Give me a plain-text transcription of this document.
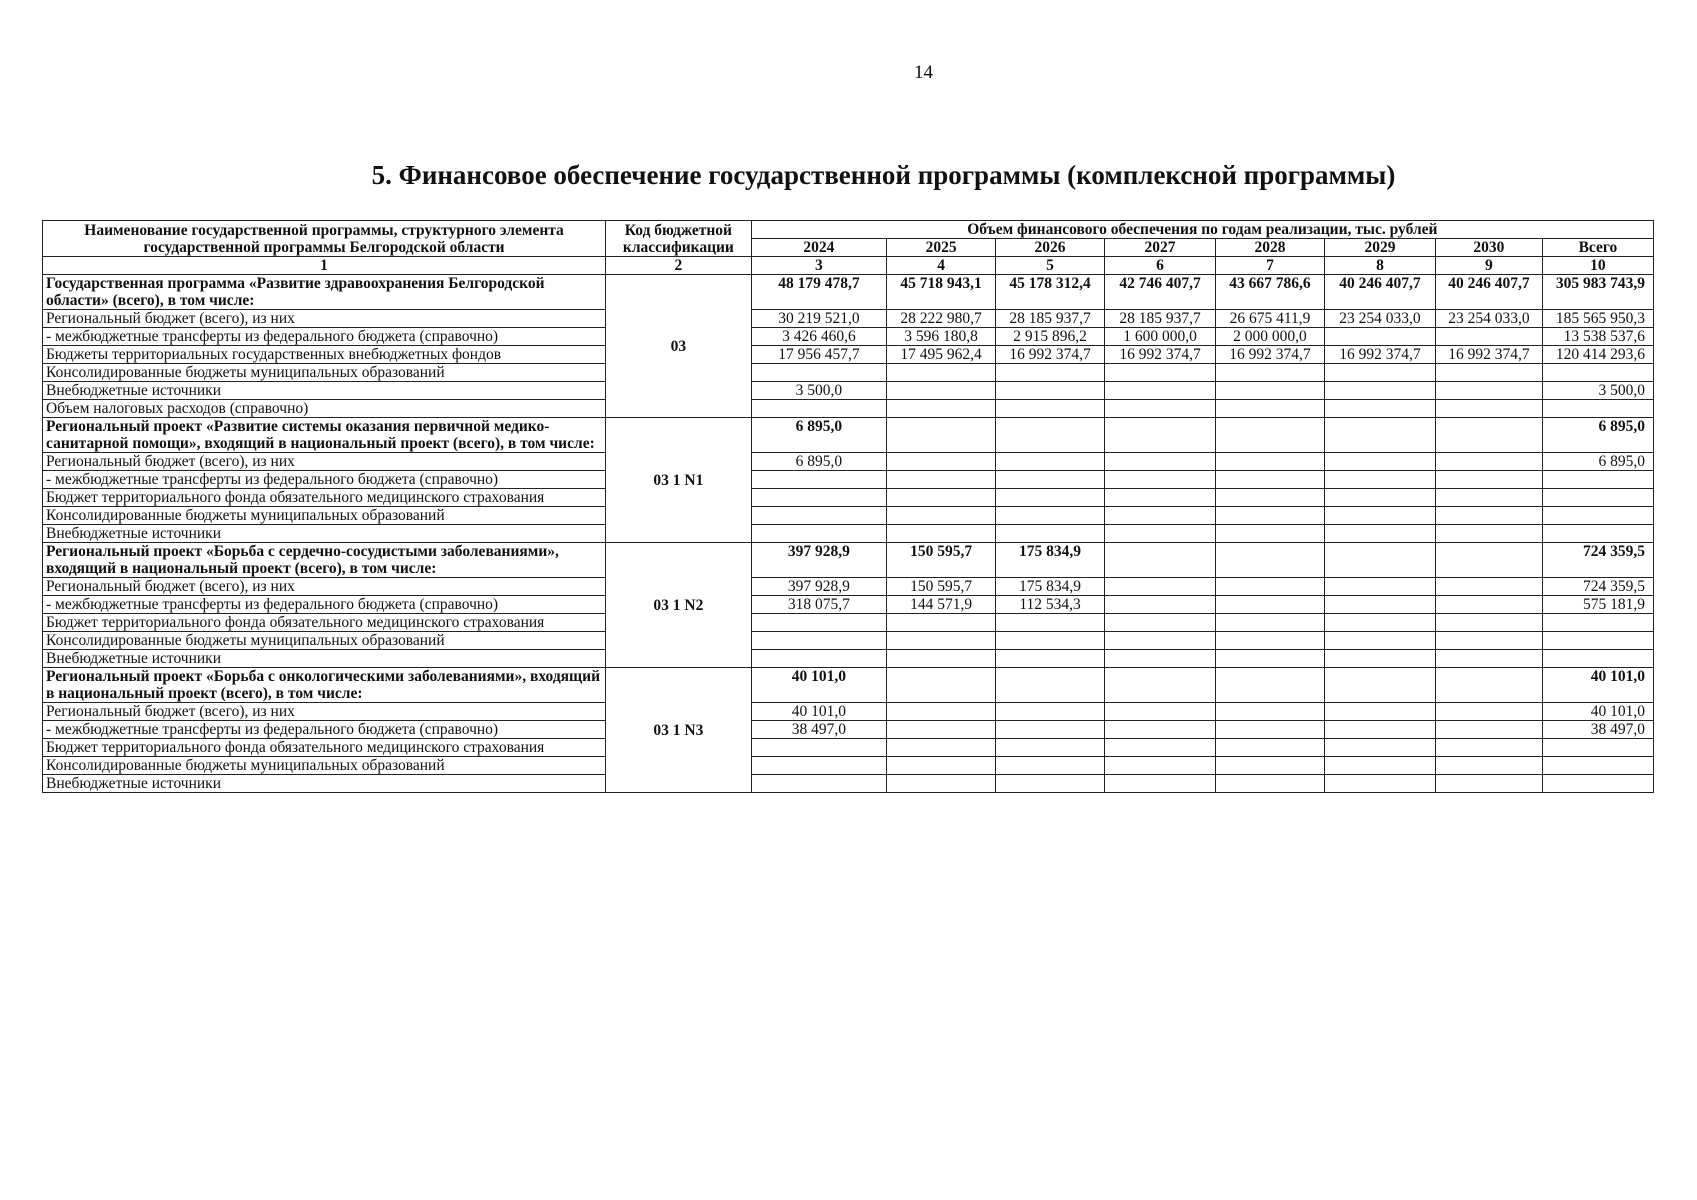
14
5. Финансовое обеспечение государственной программы (комплексной программы)
Наименование государственной программы, структурного элемента государственной программы Белгородской области	Код бюджетной классификации	Объем финансового обеспечения по годам реализации, тыс. рублей							
		2024	2025	2026	2027	2028	2029	2030	Всего
1	2	3	4	5	6	7	8	9	10
Государственная программа «Развитие здравоохранения Белгородской области» (всего), в том числе:	03	48 179 478,7	45 718 943,1	45 178 312,4	42 746 407,7	43 667 786,6	40 246 407,7	40 246 407,7	305 983 743,9
Региональный бюджет (всего), из них		30 219 521,0	28 222 980,7	28 185 937,7	28 185 937,7	26 675 411,9	23 254 033,0	23 254 033,0	185 565 950,3
- межбюджетные трансферты из федерального бюджета (справочно)		3 426 460,6	3 596 180,8	2 915 896,2	1 600 000,0	2 000 000,0			13 538 537,6
Бюджеты территориальных государственных внебюджетных фондов		17 956 457,7	17 495 962,4	16 992 374,7	16 992 374,7	16 992 374,7	16 992 374,7	16 992 374,7	120 414 293,6
Консолидированные бюджеты муниципальных образований									
Внебюджетные источники		3 500,0							3 500,0
Объем налоговых расходов (справочно)									
Региональный проект «Развитие системы оказания первичной медико-санитарной помощи», входящий в национальный проект (всего), в том числе:	03 1 N1	6 895,0							6 895,0
Региональный бюджет (всего), из них		6 895,0							6 895,0
- межбюджетные трансферты из федерального бюджета (справочно)									
Бюджет территориального фонда обязательного медицинского страхования									
Консолидированные бюджеты муниципальных образований									
Внебюджетные источники									
Региональный проект «Борьба с сердечно-сосудистыми заболеваниями», входящий в национальный проект (всего), в том числе:	03 1 N2	397 928,9	150 595,7	175 834,9					724 359,5
Региональный бюджет (всего), из них		397 928,9	150 595,7	175 834,9					724 359,5
- межбюджетные трансферты из федерального бюджета (справочно)		318 075,7	144 571,9	112 534,3					575 181,9
Бюджет территориального фонда обязательного медицинского страхования									
Консолидированные бюджеты муниципальных образований									
Внебюджетные источники									
Региональный проект «Борьба с онкологическими заболеваниями», входящий в национальный проект (всего), в том числе:	03 1 N3	40 101,0							40 101,0
Региональный бюджет (всего), из них		40 101,0							40 101,0
- межбюджетные трансферты из федерального бюджета (справочно)		38 497,0							38 497,0
Бюджет территориального фонда обязательного медицинского страхования									
Консолидированные бюджеты муниципальных образований									
Внебюджетные источники									
